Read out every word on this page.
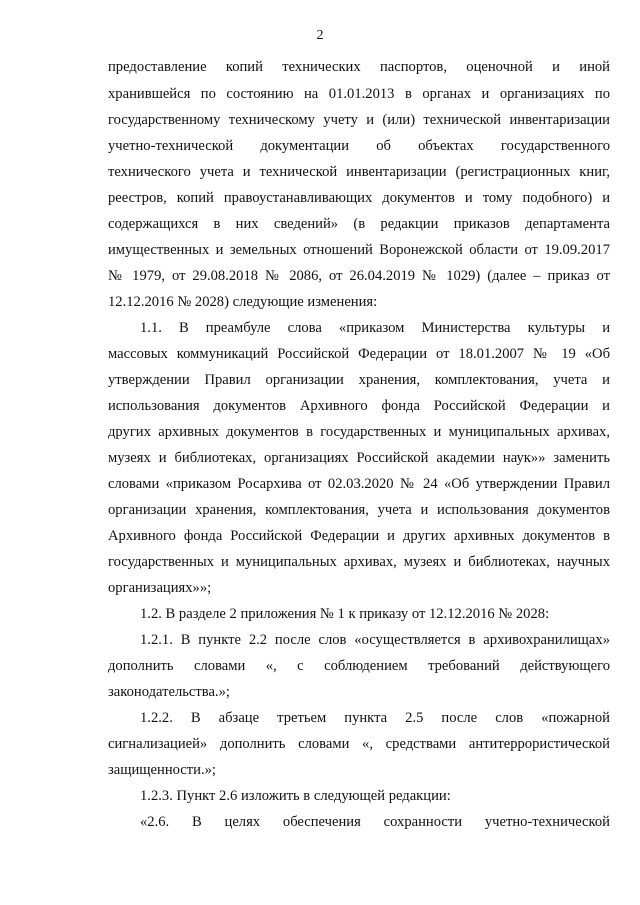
2
предоставление копий технических паспортов, оценочной и иной
хранившейся по состоянию на 01.01.2013 в органах и организациях по
государственному техническому учету и (или) технической инвентаризации
учетно-технической документации об объектах государственного
технического учета и технической инвентаризации (регистрационных книг,
реестров, копий правоустанавливающих документов и тому подобного) и
содержащихся в них сведений» (в редакции приказов департамента
имущественных и земельных отношений Воронежской области от 19.09.2017
№ 1979, от 29.08.2018 № 2086, от 26.04.2019 № 1029) (далее – приказ от
12.12.2016 № 2028) следующие изменения:
1.1. В преамбуле слова «приказом Министерства культуры и
массовых коммуникаций Российской Федерации от 18.01.2007 № 19 «Об
утверждении Правил организации хранения, комплектования, учета и
использования документов Архивного фонда Российской Федерации и
других архивных документов в государственных и муниципальных архивах,
музеях и библиотеках, организациях Российской академии наук»» заменить
словами «приказом Росархива от 02.03.2020 № 24 «Об утверждении Правил
организации хранения, комплектования, учета и использования документов
Архивного фонда Российской Федерации и других архивных документов в
государственных и муниципальных архивах, музеях и библиотеках, научных
организациях»»;
1.2. В разделе 2 приложения № 1 к приказу от 12.12.2016 № 2028:
1.2.1. В пункте 2.2 после слов «осуществляется в архивохранилищах»
дополнить словами «, с соблюдением требований действующего
законодательства.»;
1.2.2. В абзаце третьем пункта 2.5 после слов «пожарной
сигнализацией» дополнить словами «, средствами антитеррористической
защищенности.»;
1.2.3. Пункт 2.6 изложить в следующей редакции:
«2.6. В целях обеспечения сохранности учетно-технической
